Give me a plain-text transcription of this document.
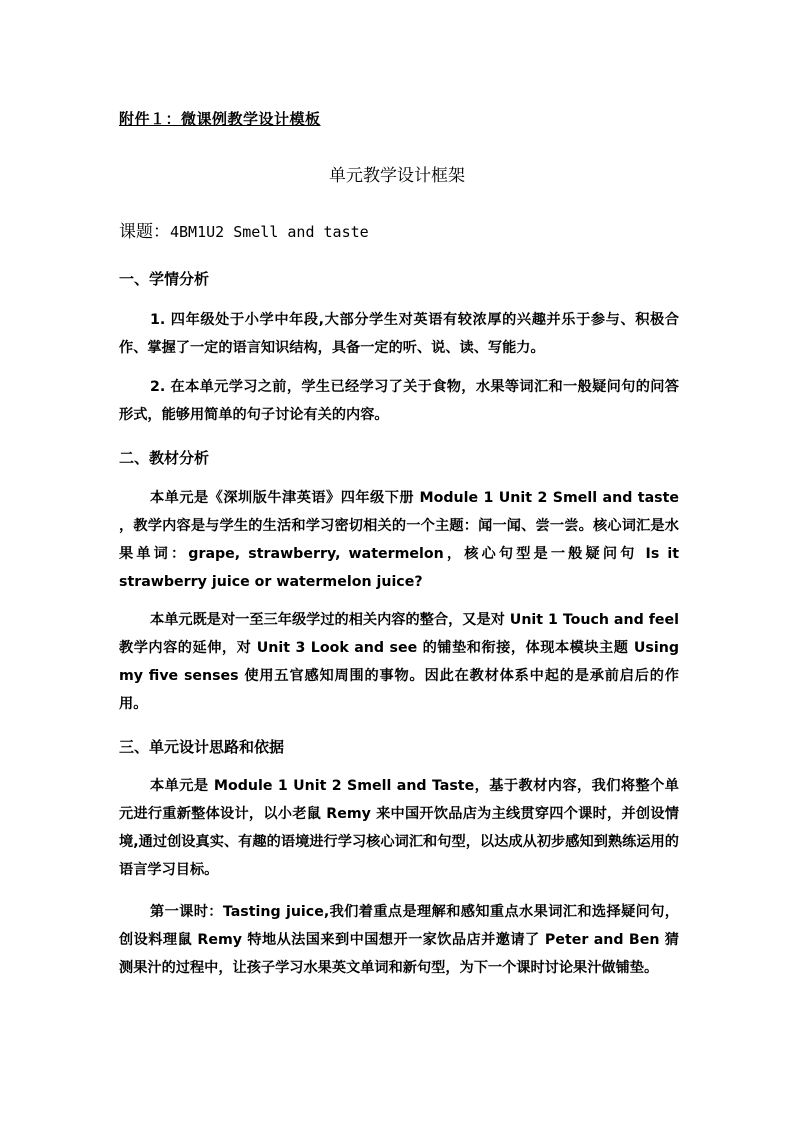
附件１：微课例教学设计模板
单元教学设计框架
课题：4BM1U2 Smell and taste
一、学情分析
1. 四年级处于小学中年段,大部分学生对英语有较浓厚的兴趣并乐于参与、积极合作、掌握了一定的语言知识结构，具备一定的听、说、读、写能力。
2. 在本单元学习之前，学生已经学习了关于食物，水果等词汇和一般疑问句的问答形式，能够用简单的句子讨论有关的内容。
二、教材分析
本单元是《深圳版牛津英语》四年级下册 Module 1 Unit 2 Smell and taste ，教学内容是与学生的生活和学习密切相关的一个主题：闻一闻、尝一尝。核心词汇是水果单词：grape, strawberry, watermelon，核心句型是一般疑问句 Is it strawberry juice or watermelon juice?
本单元既是对一至三年级学过的相关内容的整合，又是对 Unit 1 Touch and feel 教学内容的延伸，对 Unit 3 Look and see 的铺垫和衔接，体现本模块主题 Using my five senses 使用五官感知周围的事物。因此在教材体系中起的是承前启后的作用。
三、单元设计思路和依据
本单元是 Module 1 Unit 2 Smell and Taste，基于教材内容，我们将整个单元进行重新整体设计，以小老鼠 Remy 来中国开饮品店为主线贯穿四个课时，并创设情境,通过创设真实、有趣的语境进行学习核心词汇和句型，以达成从初步感知到熟练运用的语言学习目标。
第一课时：Tasting juice,我们着重点是理解和感知重点水果词汇和选择疑问句，创设料理鼠 Remy 特地从法国来到中国想开一家饮品店并邀请了 Peter and Ben 猜测果汁的过程中，让孩子学习水果英文单词和新句型，为下一个课时讨论果汁做铺垫。
